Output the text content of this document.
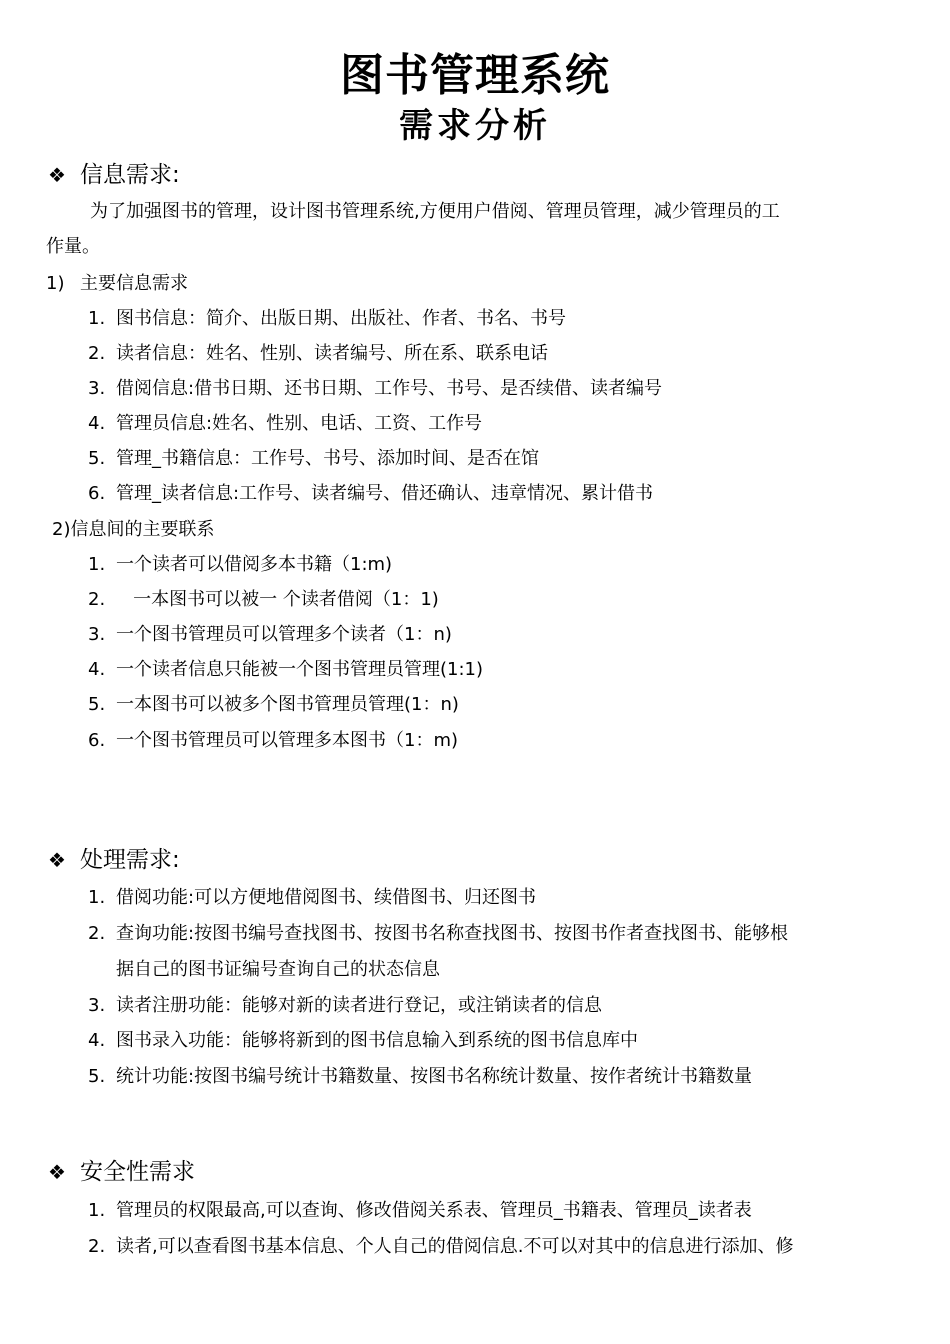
图书管理系统
需求分析
❖ 信息需求:
为了加强图书的管理，设计图书管理系统,方便用户借阅、管理员管理，减少管理员的工
作量。
1) 主要信息需求
1. 图书信息：简介、出版日期、出版社、作者、书名、书号
2. 读者信息：姓名、性别、读者编号、所在系、联系电话
3. 借阅信息:借书日期、还书日期、工作号、书号、是否续借、读者编号
4. 管理员信息:姓名、性别、电话、工资、工作号
5. 管理_书籍信息：工作号、书号、添加时间、是否在馆
6. 管理_读者信息:工作号、读者编号、借还确认、违章情况、累计借书
2)信息间的主要联系
1. 一个读者可以借阅多本书籍（1:m)
2.   一本图书可以被一 个读者借阅（1：1)
3. 一个图书管理员可以管理多个读者（1：n)
4. 一个读者信息只能被一个图书管理员管理(1:1)
5. 一本图书可以被多个图书管理员管理(1：n)
6. 一个图书管理员可以管理多本图书（1：m)
❖ 处理需求:
1. 借阅功能:可以方便地借阅图书、续借图书、归还图书
2. 查询功能:按图书编号查找图书、按图书名称查找图书、按图书作者查找图书、能够根
据自己的图书证编号查询自己的状态信息
3. 读者注册功能：能够对新的读者进行登记，或注销读者的信息
4. 图书录入功能：能够将新到的图书信息输入到系统的图书信息库中
5. 统计功能:按图书编号统计书籍数量、按图书名称统计数量、按作者统计书籍数量
❖ 安全性需求
1. 管理员的权限最高,可以查询、修改借阅关系表、管理员_书籍表、管理员_读者表
2. 读者,可以查看图书基本信息、个人自己的借阅信息.不可以对其中的信息进行添加、修
